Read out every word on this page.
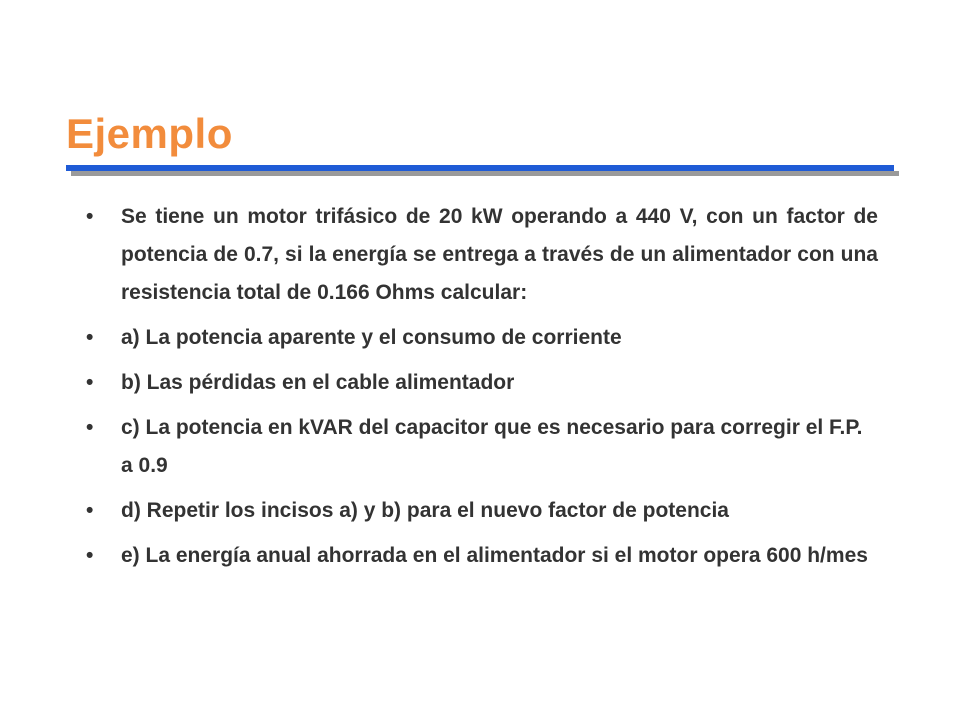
Ejemplo
•	Se tiene un motor trifásico de 20 kW operando a 440 V, con un factor de potencia de 0.7, si la energía se entrega a través de un alimentador con una resistencia total de 0.166 Ohms calcular:
•	a) La potencia aparente y el consumo de corriente
•	b) Las pérdidas en el cable alimentador
•	c) La potencia en kVAR del capacitor que es necesario para corregir el F.P. a 0.9
•	d) Repetir los incisos a) y b) para el nuevo factor de potencia
•	e) La energía anual ahorrada en el alimentador si el motor opera 600 h/mes
